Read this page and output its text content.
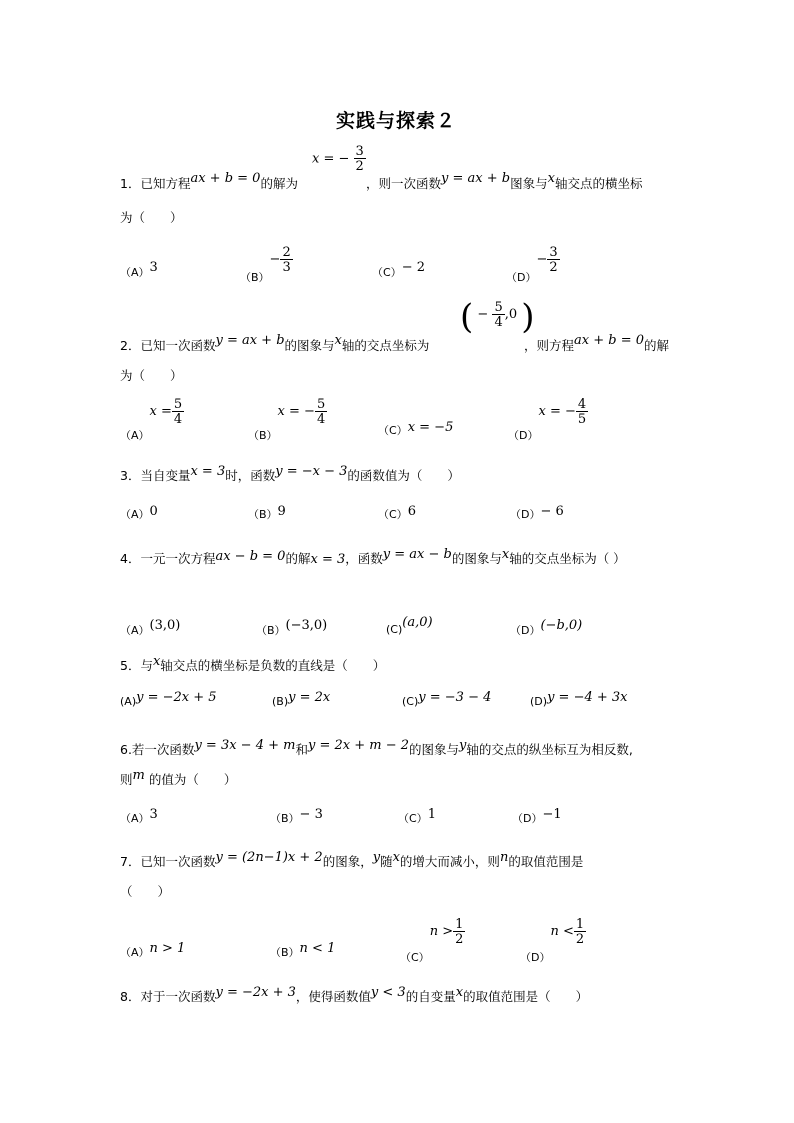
实践与探索２
1．已知方程ax + b = 0的解为
x = − $\frac{3}{2}$
，则一次函数y = ax + b图象与x轴交点的横坐标
为（　　）
（A）3
$(B)- \frac{2}{3}$	（C）− 2
$(D)- \frac{3}{2}$
2．已知一次函数y = ax + b的图象与x轴的交点坐标为
( − $\frac{5}{4} ,0$ )
，则方程ax + b = 0的解
为（　　）
$(A)x = \frac{5}{4}$
（B）x = − $\frac{5}{4}$
（C）x = −5
（D）x = − $\frac{4}{5}$
3．当自变量x = 3时，函数y = −x − 3的函数值为（　　）
（A）0	（B）9	（C）6	（D）− 6
4．一元一次方程ax − b = 0的解x = 3，函数y = ax − b的图象与x轴的交点坐标为（ ）
（A）(3,0)	（B）(−3,0)	(C)(a,0)
（D）(−b,0)
5．与x轴交点的横坐标是负数的直线是（　　）
(A)y = −2x + 5	(B)y = 2x	(C)y = −3 − 4	(D)y = −4 + 3x
6.若一次函数y = 3x − 4 + m和y = 2x + m − 2的图象与y轴的交点的纵坐标互为相反数,
则m 的值为（　　）
（A）3	（B）− 3	（C）1	（D）−1
7．已知一次函数y = (2n−1)x + 2的图象，y随x的增大而减小，则n的取值范围是
（　　）
（A）n > 1	（B）n < 1
$(C)n > \frac{1}{2}$
$(D)n < \frac{1}{2}$
8．对于一次函数y = −2x + 3，使得函数值y < 3的自变量x的取值范围是（　　）
